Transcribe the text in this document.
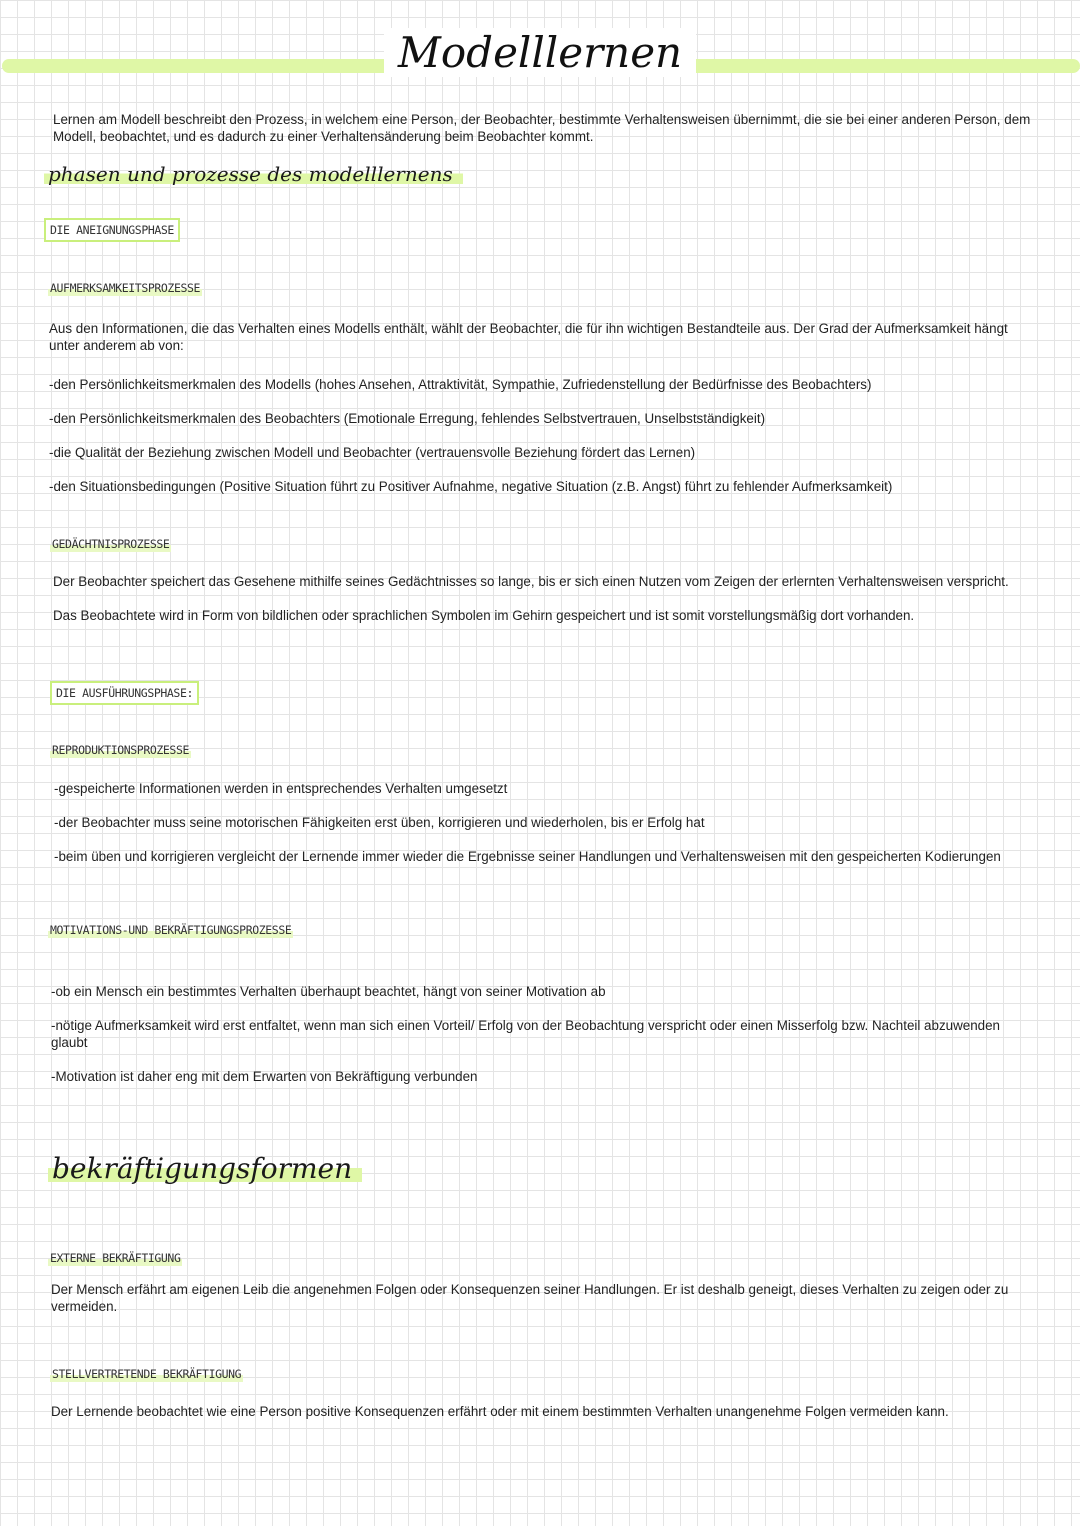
Modelllernen

Lernen am Modell beschreibt den Prozess, in welchem eine Person, der Beobachter, bestimmte Verhaltensweisen übernimmt, die sie bei einer anderen Person, dem Modell, beobachtet, und es dadurch zu einer Verhaltensänderung beim Beobachter kommt.

phasen und prozesse des modelllernens
DIE ANEIGNUNGSPHASE
AUFMERKSAMKEITSPROZESSE

Aus den Informationen, die das Verhalten eines Modells enthält, wählt der Beobachter, die für ihn wichtigen Bestandteile aus. Der Grad der Aufmerksamkeit hängt unter anderem ab von:

-den Persönlichkeitsmerkmalen des Modells (hohes Ansehen, Attraktivität, Sympathie, Zufriedenstellung der Bedürfnisse des Beobachters)

-den Persönlichkeitsmerkmalen des Beobachters (Emotionale Erregung, fehlendes Selbstvertrauen, Unselbstständigkeit)

-die Qualität der Beziehung zwischen Modell und Beobachter (vertrauensvolle Beziehung fördert das Lernen)

-den Situationsbedingungen (Positive Situation führt zu Positiver Aufnahme, negative Situation (z.B. Angst) führt zu fehlender Aufmerksamkeit)

GEDÄCHTNISPROZESSE

Der Beobachter speichert das Gesehene mithilfe seines Gedächtnisses so lange, bis er sich einen Nutzen vom Zeigen der erlernten Verhaltensweisen verspricht.

Das Beobachtete wird in Form von bildlichen oder sprachlichen Symbolen im Gehirn gespeichert und ist somit vorstellungsmäßig dort vorhanden.

DIE AUSFÜHRUNGSPHASE:
REPRODUKTIONSPROZESSE

-gespeicherte Informationen werden in entsprechendes Verhalten umgesetzt

-der Beobachter muss seine motorischen Fähigkeiten erst üben, korrigieren und wiederholen, bis er Erfolg hat

-beim üben und korrigieren vergleicht der Lernende immer wieder die Ergebnisse seiner Handlungen und Verhaltensweisen mit den gespeicherten Kodierungen

MOTIVATIONS-UND BEKRÄFTIGUNGSPROZESSE

-ob ein Mensch ein bestimmtes Verhalten überhaupt beachtet, hängt von seiner Motivation ab

-nötige Aufmerksamkeit wird erst entfaltet, wenn man sich einen Vorteil/ Erfolg von der Beobachtung verspricht oder einen Misserfolg bzw. Nachteil abzuwenden glaubt

-Motivation ist daher eng mit dem Erwarten von Bekräftigung verbunden

bekräftigungsformen
EXTERNE BEKRÄFTIGUNG

Der Mensch erfährt am eigenen Leib die angenehmen Folgen oder Konsequenzen seiner Handlungen. Er ist deshalb geneigt, dieses Verhalten zu zeigen oder zu vermeiden.

STELLVERTRETENDE BEKRÄFTIGUNG

Der Lernende beobachtet wie eine Person positive Konsequenzen erfährt oder mit einem bestimmten Verhalten unangenehme Folgen vermeiden kann.
